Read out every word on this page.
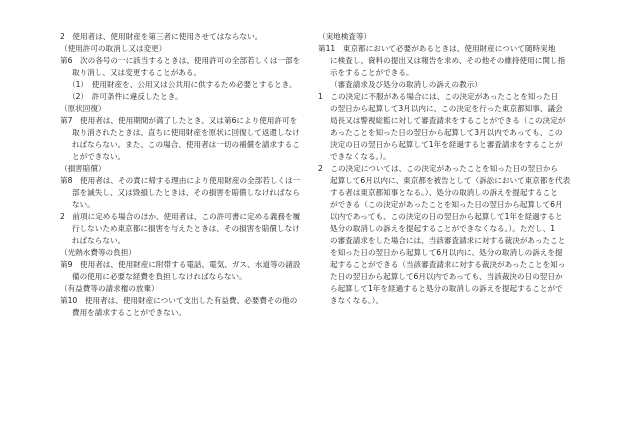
2　使用者は、使用財産を第三者に使用させてはならない。
（使用許可の取消し又は変更）
第6　次の各号の一に該当するときは、使用許可の全部若しくは一部を
取り消し、又は変更することがある。
（1）　使用財産を、公用又は公共用に供するため必要とするとき。
（2）　許可条件に違反したとき。
（原状回復）
第7　使用者は、使用期間が満了したとき、又は第6により使用許可を
取り消されたときは、直ちに使用財産を原状に回復して返還しなけ
ればならない。また、この場合、使用者は一切の補償を請求するこ
とができない。
（損害賠償）
第8　使用者は、その責に帰する理由により使用財産の全部若しくは一
部を滅失し、又は毀損したときは、その損害を賠償しなければなら
ない。
2　前項に定める場合のほか、使用者は、この許可書に定める義務を履
行しないため東京都に損害を与えたときは、その損害を賠償しなけ
ればならない。
（光熱水費等の負担）
第9　使用者は、使用財産に附帯する電話、電気、ガス、水道等の諸設
備の使用に必要な経費を負担しなければならない。
（有益費等の請求権の放棄）
第10　使用者は、使用財産について支出した有益費、必要費その他の
費用を請求することができない。
（実地検査等）
第11　東京都において必要があるときは、使用財産について随時実地
に検査し、資料の提出又は報告を求め、その他その維持使用に関し指
示をすることができる。
（審査請求及び処分の取消しの訴えの教示）
1　この決定に不服がある場合には、この決定があったことを知った日
の翌日から起算して3月以内に、この決定を行った東京都知事、議会
局長又は警視総監に対して審査請求をすることができる（この決定が
あったことを知った日の翌日から起算して3月以内であっても、この
決定の日の翌日から起算して1年を経過すると審査請求をすることが
できなくなる。）。
2　この決定については、この決定があったことを知った日の翌日から
起算して6月以内に、東京都を被告として（訴訟において東京都を代表
する者は東京都知事となる。）、処分の取消しの訴えを提起すること
ができる（この決定があったことを知った日の翌日から起算して6月
以内であっても、この決定の日の翌日から起算して1年を経過すると
処分の取消しの訴えを提起することができなくなる。）。ただし、1
の審査請求をした場合には、当該審査請求に対する裁決があったこと
を知った日の翌日から起算して6月以内に、処分の取消しの訴えを提
起することができる（当該審査請求に対する裁決があったことを知っ
た日の翌日から起算して6月以内であっても、当該裁決の日の翌日か
ら起算して1年を経過すると処分の取消しの訴えを提起することがで
きなくなる。）。
